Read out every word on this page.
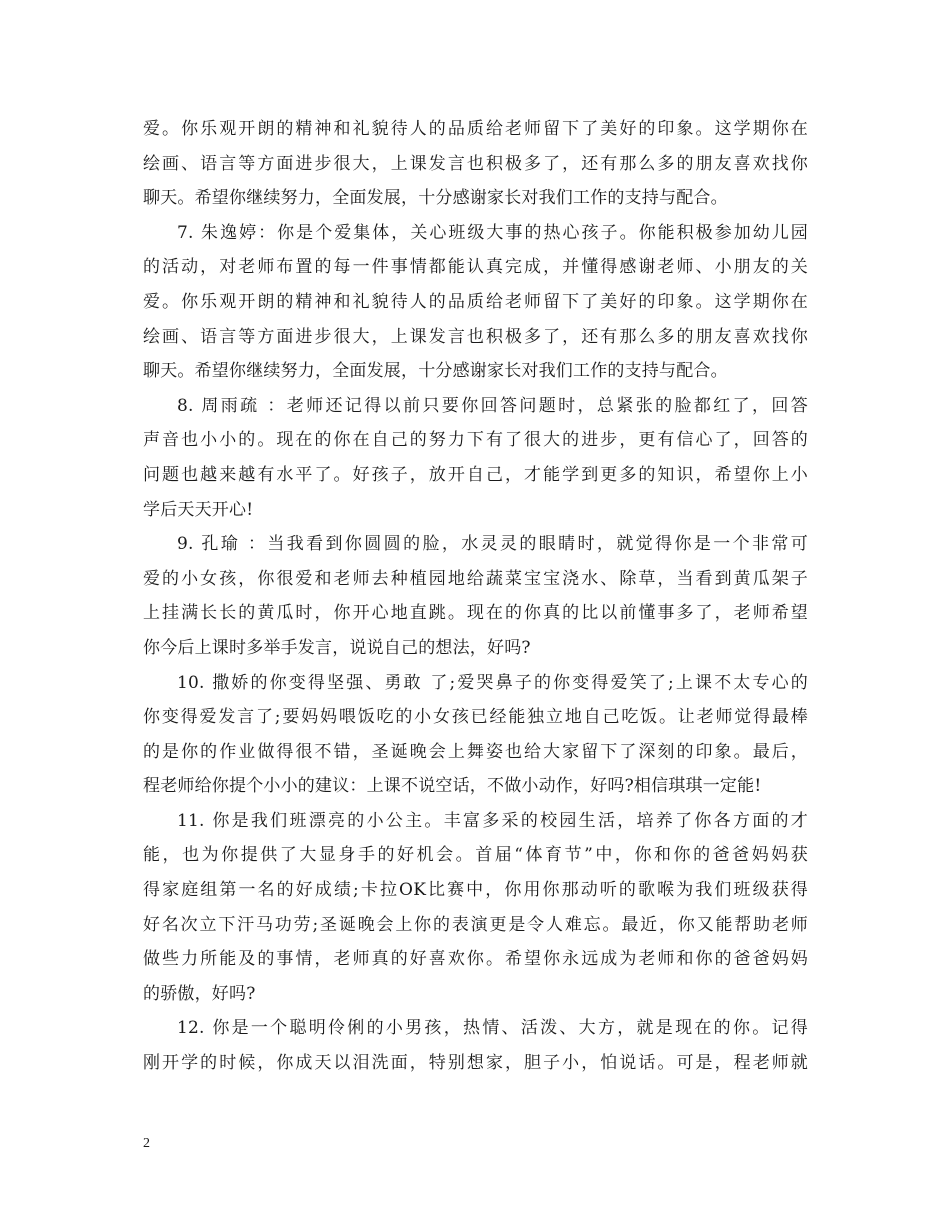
爱。你乐观开朗的精神和礼貌待人的品质给老师留下了美好的印象。这学期你在
绘画、语言等方面进步很大，上课发言也积极多了，还有那么多的朋友喜欢找你
聊天。希望你继续努力，全面发展，十分感谢家长对我们工作的支持与配合。
7. 朱逸婷：你是个爱集体，关心班级大事的热心孩子。你能积极参加幼儿园
的活动，对老师布置的每一件事情都能认真完成，并懂得感谢老师、小朋友的关
爱。你乐观开朗的精神和礼貌待人的品质给老师留下了美好的印象。这学期你在
绘画、语言等方面进步很大，上课发言也积极多了，还有那么多的朋友喜欢找你
聊天。希望你继续努力，全面发展，十分感谢家长对我们工作的支持与配合。
8. 周雨疏 ：老师还记得以前只要你回答问题时，总紧张的脸都红了，回答
声音也小小的。现在的你在自己的努力下有了很大的进步，更有信心了，回答的
问题也越来越有水平了。好孩子，放开自己，才能学到更多的知识，希望你上小
学后天天开心!
9. 孔瑜 ：当我看到你圆圆的脸，水灵灵的眼睛时，就觉得你是一个非常可
爱的小女孩，你很爱和老师去种植园地给蔬菜宝宝浇水、除草，当看到黄瓜架子
上挂满长长的黄瓜时，你开心地直跳。现在的你真的比以前懂事多了，老师希望
你今后上课时多举手发言，说说自己的想法，好吗?
10. 撒娇的你变得坚强、勇敢 了;爱哭鼻子的你变得爱笑了;上课不太专心的
你变得爱发言了;要妈妈喂饭吃的小女孩已经能独立地自己吃饭。让老师觉得最棒
的是你的作业做得很不错，圣诞晚会上舞姿也给大家留下了深刻的印象。最后，
程老师给你提个小小的建议：上课不说空话，不做小动作，好吗?相信琪琪一定能!
11. 你是我们班漂亮的小公主。丰富多采的校园生活，培养了你各方面的才
能，也为你提供了大显身手的好机会。首届“体育节”中，你和你的爸爸妈妈获
得家庭组第一名的好成绩;卡拉OK比赛中，你用你那动听的歌喉为我们班级获得
好名次立下汗马功劳;圣诞晚会上你的表演更是令人难忘。最近，你又能帮助老师
做些力所能及的事情，老师真的好喜欢你。希望你永远成为老师和你的爸爸妈妈
的骄傲，好吗?
12. 你是一个聪明伶俐的小男孩，热情、活泼、大方，就是现在的你。记得
刚开学的时候，你成天以泪洗面，特别想家，胆子小，怕说话。可是，程老师就
2
